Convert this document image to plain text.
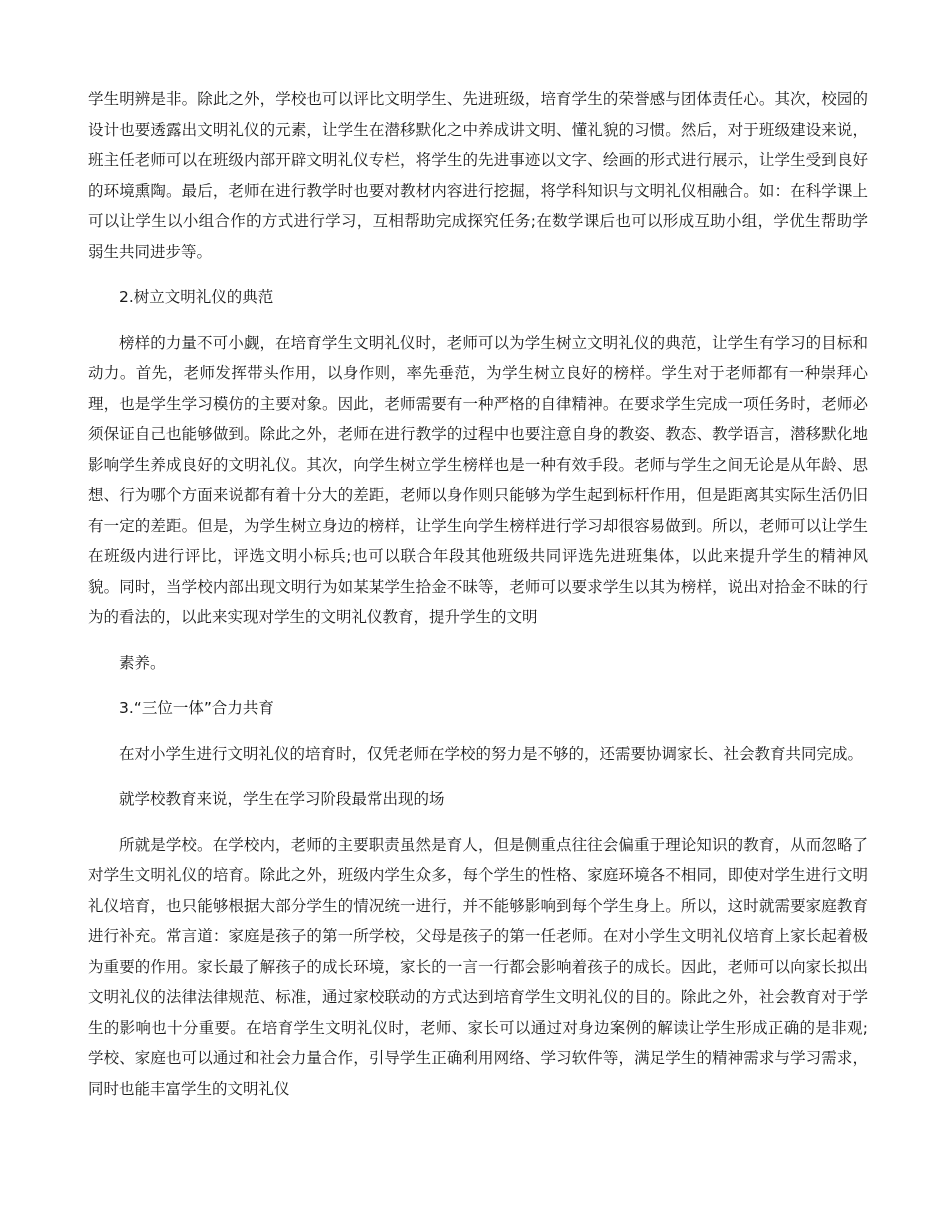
学生明辨是非。除此之外，学校也可以评比文明学生、先进班级，培育学生的荣誉感与团体责任心。其次，校园的设计也要透露出文明礼仪的元素，让学生在潜移默化之中养成讲文明、懂礼貌的习惯。然后，对于班级建设来说，班主任老师可以在班级内部开辟文明礼仪专栏，将学生的先进事迹以文字、绘画的形式进行展示，让学生受到良好的环境熏陶。最后，老师在进行教学时也要对教材内容进行挖掘，将学科知识与文明礼仪相融合。如：在科学课上可以让学生以小组合作的方式进行学习，互相帮助完成探究任务;在数学课后也可以形成互助小组，学优生帮助学弱生共同进步等。

2.树立文明礼仪的典范

榜样的力量不可小觑，在培育学生文明礼仪时，老师可以为学生树立文明礼仪的典范，让学生有学习的目标和动力。首先，老师发挥带头作用，以身作则，率先垂范，为学生树立良好的榜样。学生对于老师都有一种崇拜心理，也是学生学习模仿的主要对象。因此，老师需要有一种严格的自律精神。在要求学生完成一项任务时，老师必须保证自己也能够做到。除此之外，老师在进行教学的过程中也要注意自身的教姿、教态、教学语言，潜移默化地影响学生养成良好的文明礼仪。其次，向学生树立学生榜样也是一种有效手段。老师与学生之间无论是从年龄、思想、行为哪个方面来说都有着十分大的差距，老师以身作则只能够为学生起到标杆作用，但是距离其实际生活仍旧有一定的差距。但是，为学生树立身边的榜样，让学生向学生榜样进行学习却很容易做到。所以，老师可以让学生在班级内进行评比，评选文明小标兵;也可以联合年段其他班级共同评选先进班集体，以此来提升学生的精神风貌。同时，当学校内部出现文明行为如某某学生拾金不昧等，老师可以要求学生以其为榜样，说出对拾金不昧的行为的看法的，以此来实现对学生的文明礼仪教育，提升学生的文明

素养。

3.“三位一体”合力共育

在对小学生进行文明礼仪的培育时，仅凭老师在学校的努力是不够的，还需要协调家长、社会教育共同完成。

就学校教育来说，学生在学习阶段最常出现的场

所就是学校。在学校内，老师的主要职责虽然是育人，但是侧重点往往会偏重于理论知识的教育，从而忽略了对学生文明礼仪的培育。除此之外，班级内学生众多，每个学生的性格、家庭环境各不相同，即使对学生进行文明礼仪培育，也只能够根据大部分学生的情况统一进行，并不能够影响到每个学生身上。所以，这时就需要家庭教育进行补充。常言道：家庭是孩子的第一所学校，父母是孩子的第一任老师。在对小学生文明礼仪培育上家长起着极为重要的作用。家长最了解孩子的成长环境，家长的一言一行都会影响着孩子的成长。因此，老师可以向家长拟出文明礼仪的法律法律规范、标准，通过家校联动的方式达到培育学生文明礼仪的目的。除此之外，社会教育对于学生的影响也十分重要。在培育学生文明礼仪时，老师、家长可以通过对身边案例的解读让学生形成正确的是非观;学校、家庭也可以通过和社会力量合作，引导学生正确利用网络、学习软件等，满足学生的精神需求与学习需求，同时也能丰富学生的文明礼仪
